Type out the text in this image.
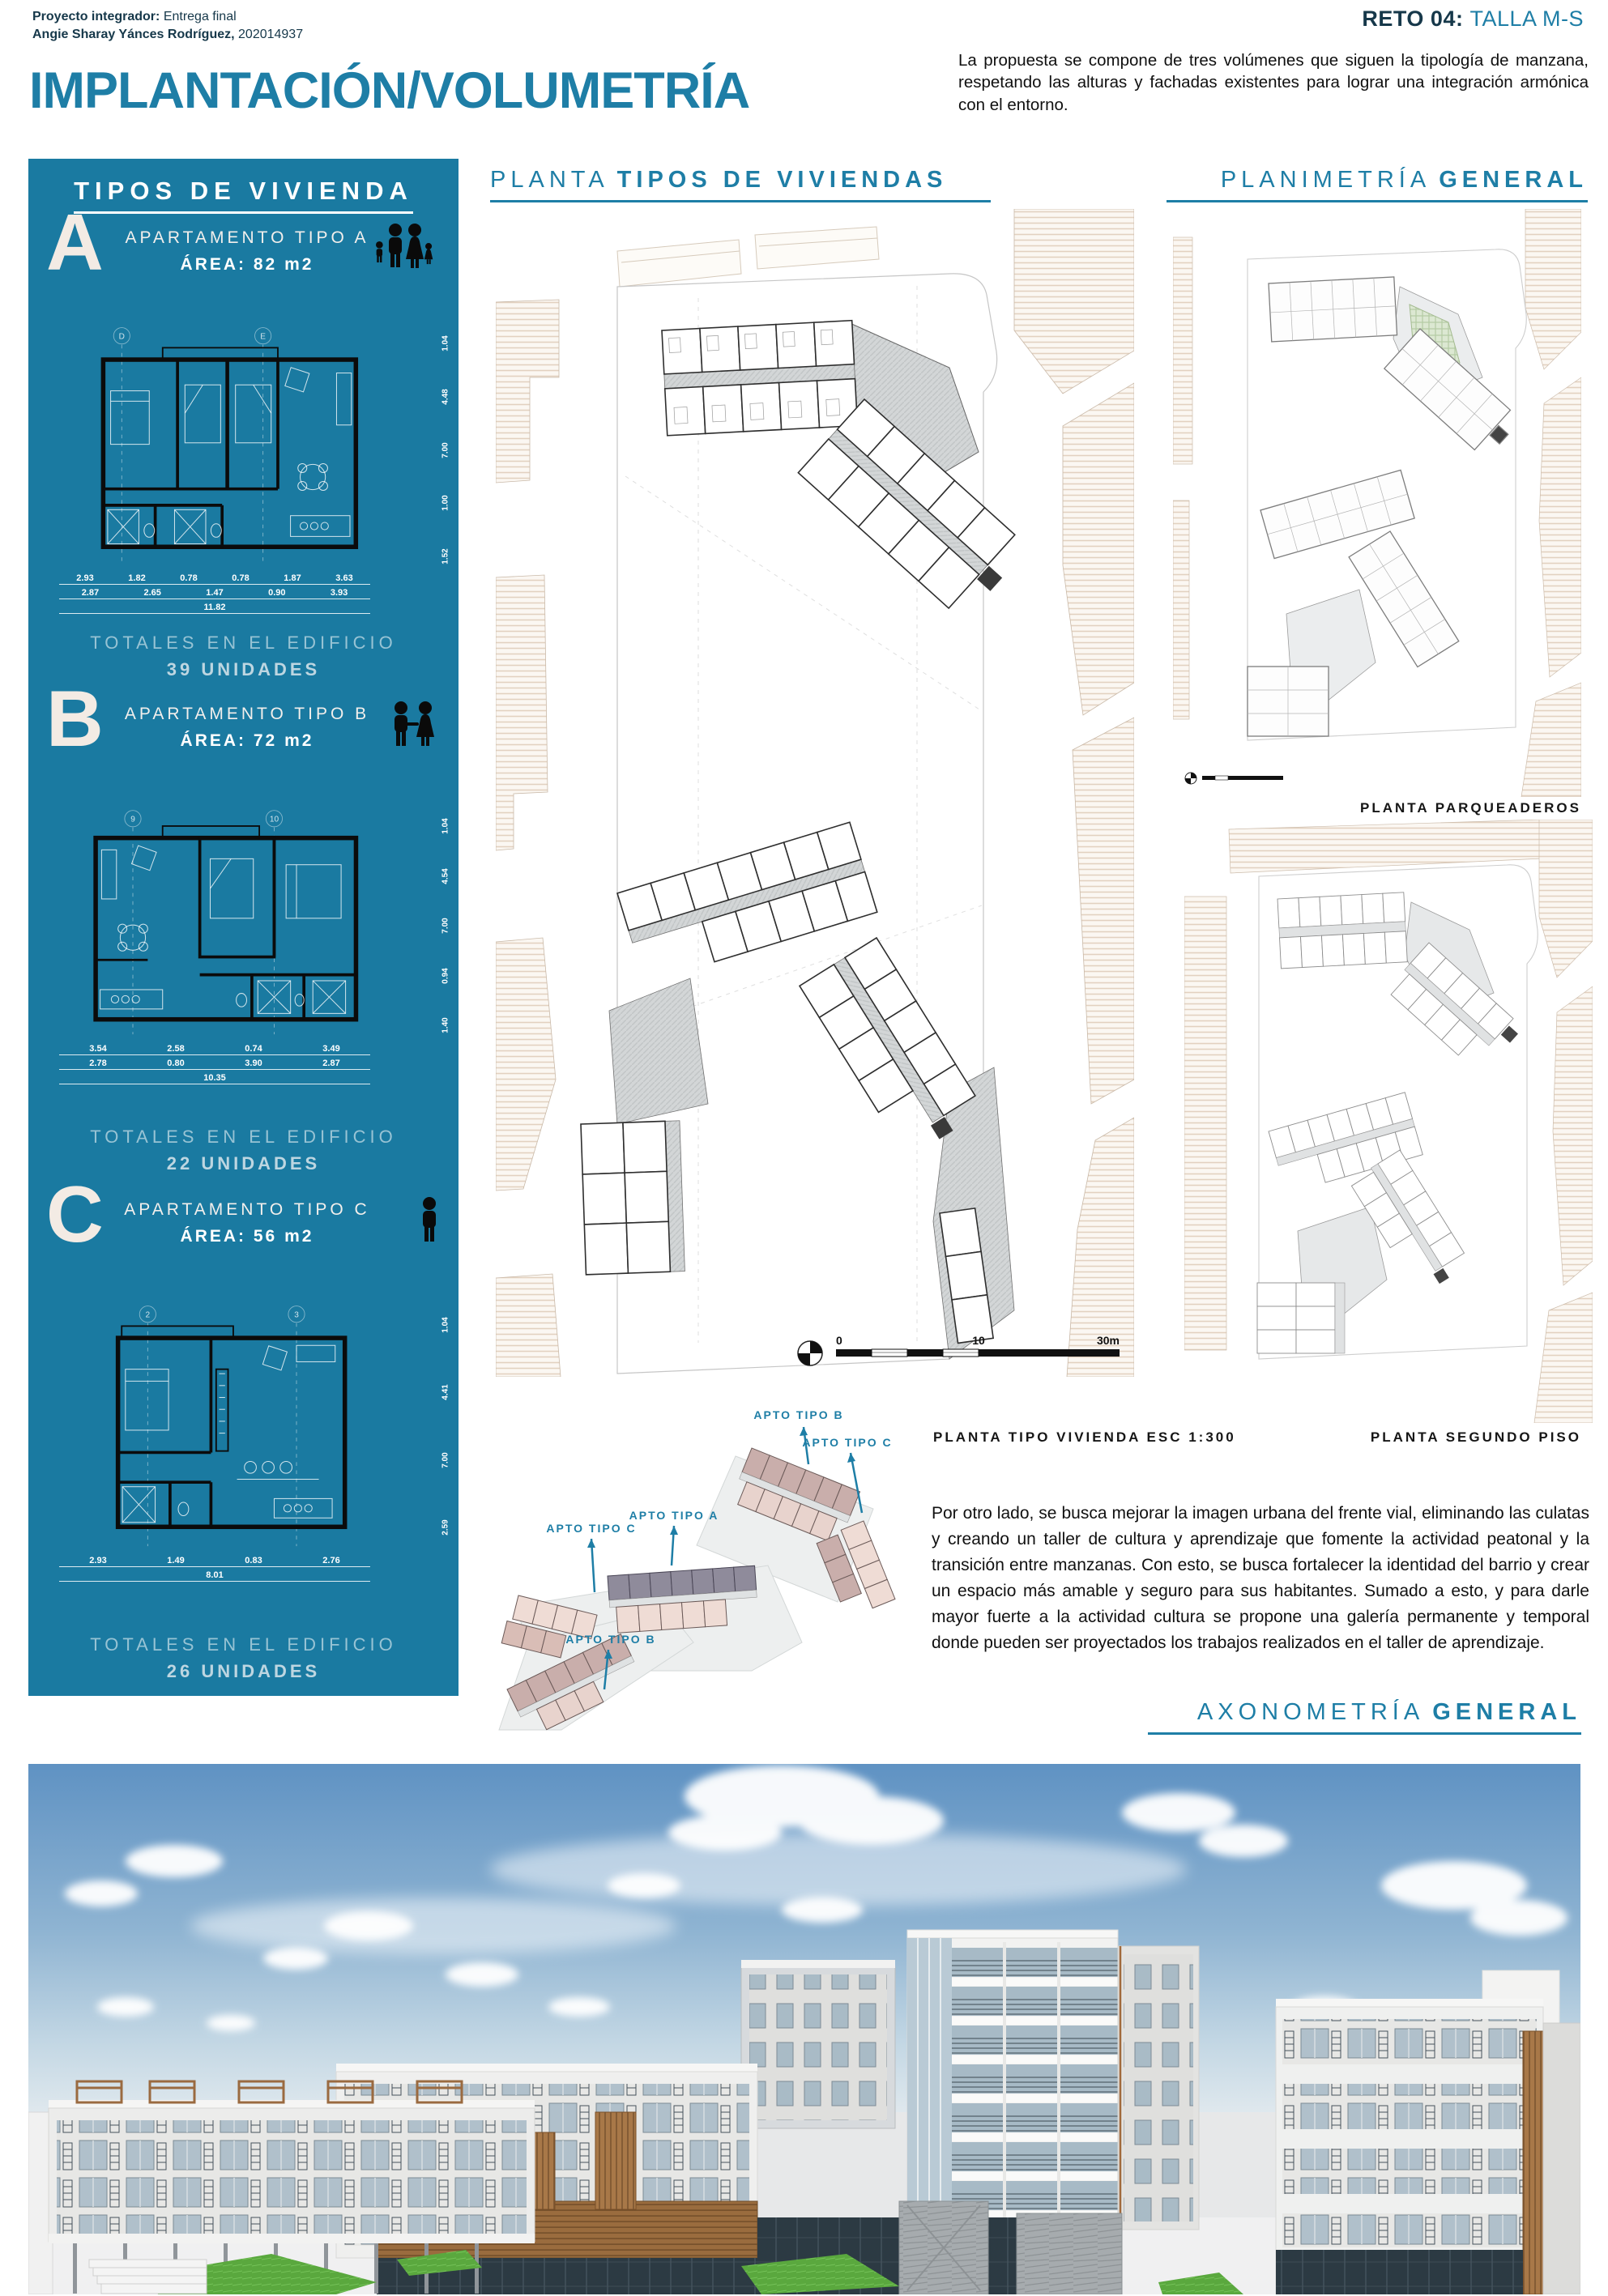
Proyecto integrador: Entrega final
Angie Sharay Yánces Rodríguez, 202014937
IMPLANTACIÓN/VOLUMETRÍA
RETO 04: TALLA M-S

La propuesta se compone de tres volúmenes que siguen la tipología de manzana, respetando las alturas y fachadas existentes para lograr una integración armónica con el entorno.

TIPOS DE VIVIENDA
A	APARTAMENTO TIPO A
ÁREA: 82 m2
D	E
2.93	1.82	0.78	0.78	1.87	3.63
2.87	2.65	1.47	0.90	3.93
11.82
1.04
4.48
7.00
1.00
1.52
TOTALES EN EL EDIFICIO
39 UNIDADES
B	APARTAMENTO TIPO B
ÁREA: 72 m2
9	10
3.54	2.58	0.74	3.49
2.78	0.80	3.90	2.87
10.35
1.04
4.54
7.00
0.94
1.40
TOTALES EN EL EDIFICIO
22 UNIDADES
C	APARTAMENTO TIPO C
ÁREA: 56 m2
2	3
2.93	1.49	0.83	2.76
8.01
1.04
4.41
7.00
2.59
TOTALES EN EL EDIFICIO
26 UNIDADES
PLANTA TIPOS DE VIVIENDAS
0	10	30m
APTO TIPO B
APTO TIPO C
APTO TIPO A
APTO TIPO C
APTO TIPO B
PLANTA TIPO VIVIENDA ESC 1:300
PLANIMETRÍA GENERAL
PLANTA PARQUEADEROS
PLANTA SEGUNDO PISO

Por otro lado, se busca mejorar la imagen urbana del frente vial, eliminando las culatas y creando un taller de cultura y aprendizaje que fomente la actividad peatonal y la transición entre manzanas. Con esto, se busca fortalecer la identidad del barrio y crear un espacio más amable y seguro para sus habitantes. Sumado a esto, y para darle mayor fuerte a la actividad cultura se propone una galería permanente y temporal donde pueden ser proyectados los trabajos realizados en el taller de aprendizaje.

AXONOMETRÍA GENERAL
